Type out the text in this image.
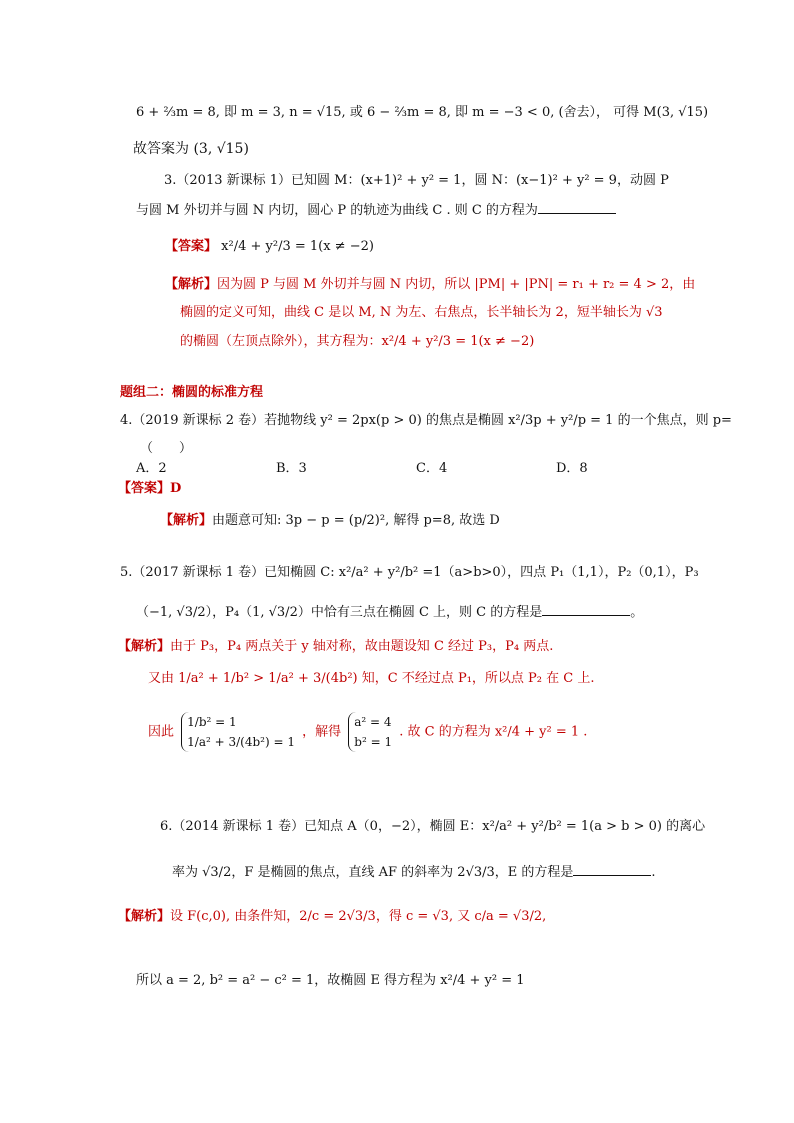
6 + ⅔m = 8, 即 m = 3, n = √15, 或 6 − ⅔m = 8, 即 m = −3 < 0, (舍去）， 可得 M(3, √15)
故答案为 (3, √15)
3.（2013 新课标 1）已知圆 M：(x+1)² + y² = 1，圆 N：(x−1)² + y² = 9，动圆 P
与圆 M 外切并与圆 N 内切，圆心 P 的轨迹为曲线 C . 则 C 的方程为
【答案】 x²/4 + y²/3 = 1(x ≠ −2)
【解析】因为圆 P 与圆 M 外切并与圆 N 内切，所以 |PM| + |PN| = r₁ + r₂ = 4 > 2，由
椭圆的定义可知，曲线 C 是以 M, N 为左、右焦点，长半轴长为 2，短半轴长为 √3
的椭圆（左顶点除外），其方程为：x²/4 + y²/3 = 1(x ≠ −2)
题组二：椭圆的标准方程
4.（2019 新课标 2 卷）若抛物线 y² = 2px(p > 0) 的焦点是椭圆 x²/3p + y²/p = 1 的一个焦点，则 p=
（　　）
A．2	B．3	C．4	D．8
【答案】D
【解析】由题意可知: 3p − p = (p/2)², 解得 p=8, 故选 D
5.（2017 新课标 1 卷）已知椭圆 C: x²/a² + y²/b² =1（a>b>0），四点 P₁（1,1），P₂（0,1），P₃
（−1, √3/2），P₄（1, √3/2）中恰有三点在椭圆 C 上，则 C 的方程是	。
【解析】由于 P₃，P₄ 两点关于 y 轴对称，故由题设知 C 经过 P₃，P₄ 两点.
又由 1/a² + 1/b² > 1/a² + 3/(4b²) 知，C 不经过点 P₁，所以点 P₂ 在 C 上.
因此
1/b² = 1
1/a² + 3/(4b²) = 1
，解得
a² = 4
b² = 1
. 故 C 的方程为 x²/4 + y² = 1 .
6.（2014 新课标 1 卷）已知点 A（0，−2），椭圆 E：x²/a² + y²/b² = 1(a > b > 0) 的离心
率为 √3/2，F 是椭圆的焦点，直线 AF 的斜率为 2√3/3，E 的方程是	.
【解析】设 F(c,0), 由条件知，2/c = 2√3/3，得 c = √3, 又 c/a = √3/2,
所以 a = 2, b² = a² − c² = 1，故椭圆 E 得方程为 x²/4 + y² = 1
